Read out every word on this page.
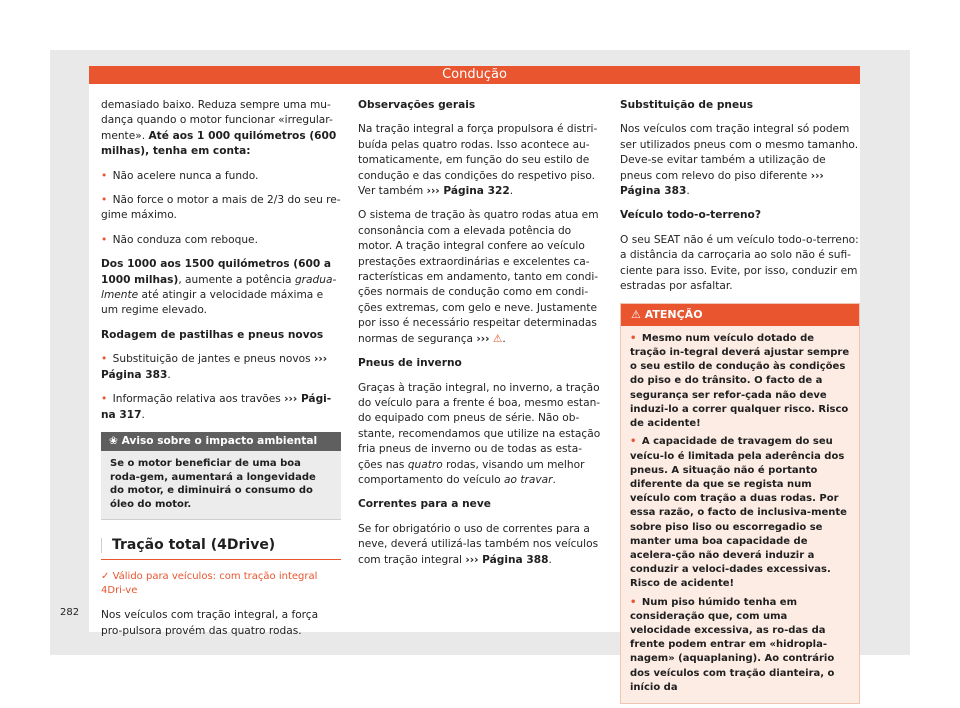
Condução

demasiado baixo. Reduza sempre uma mu-dança quando o motor funcionar «irregular-mente». Até aos 1 000 quilómetros (600 milhas), tenha em conta:

• Não acelere nunca a fundo.

• Não force o motor a mais de 2/3 do seu re-gime máximo.

• Não conduza com reboque.

Dos 1000 aos 1500 quilómetros (600 a 1000 milhas), aumente a potência gradua-lmente até atingir a velocidade máxima e um regime elevado.

Rodagem de pastilhas e pneus novos

• Substituição de jantes e pneus novos ››› Página 383.

• Informação relativa aos travões ››› Pági-na 317.

❀ Aviso sobre o impacto ambiental
Se o motor beneficiar de uma boa roda-gem, aumentará a longevidade do motor, e diminuirá o consumo do óleo do motor.
Tração total (4Drive)
✓ Válido para veículos: com tração integral 4Dri-ve

Nos veículos com tração integral, a força pro-pulsora provém das quatro rodas.

Observações gerais

Na tração integral a força propulsora é distri-buída pelas quatro rodas. Isso acontece au-tomaticamente, em função do seu estilo de condução e das condições do respetivo piso. Ver também ››› Página 322.

O sistema de tração às quatro rodas atua em consonância com a elevada potência do motor. A tração integral confere ao veículo prestações extraordinárias e excelentes ca-racterísticas em andamento, tanto em condi-ções normais de condução como em condi-ções extremas, com gelo e neve. Justamente por isso é necessário respeitar determinadas normas de segurança ››› ⚠.

Pneus de inverno

Graças à tração integral, no inverno, a tração do veículo para a frente é boa, mesmo estan-do equipado com pneus de série. Não ob-stante, recomendamos que utilize na estação fria pneus de inverno ou de todas as esta-ções nas quatro rodas, visando um melhor comportamento do veículo ao travar.

Correntes para a neve

Se for obrigatório o uso de correntes para a neve, deverá utilizá-las também nos veículos com tração integral ››› Página 388.

Substituição de pneus

Nos veículos com tração integral só podem ser utilizados pneus com o mesmo tamanho. Deve-se evitar também a utilização de pneus com relevo do piso diferente ››› Página 383.

Veículo todo-o-terreno?

O seu SEAT não é um veículo todo-o-terreno: a distância da carroçaria ao solo não é sufi-ciente para isso. Evite, por isso, conduzir em estradas por asfaltar.

⚠ ATENÇÃO

• Mesmo num veículo dotado de tração in-tegral deverá ajustar sempre o seu estilo de condução às condições do piso e do trânsito. O facto de a segurança ser refor-çada não deve induzi-lo a correr qualquer risco. Risco de acidente!

• A capacidade de travagem do seu veícu-lo é limitada pela aderência dos pneus. A situação não é portanto diferente da que se regista num veículo com tração a duas rodas. Por essa razão, o facto de inclusiva-mente sobre piso liso ou escorregadio se manter uma boa capacidade de acelera-ção não deverá induzir a conduzir a veloci-dades excessivas. Risco de acidente!

• Num piso húmido tenha em consideração que, com uma velocidade excessiva, as ro-das da frente podem entrar em «hidropla-nagem» (aquaplaning). Ao contrário dos veículos com tração dianteira, o início da

282
